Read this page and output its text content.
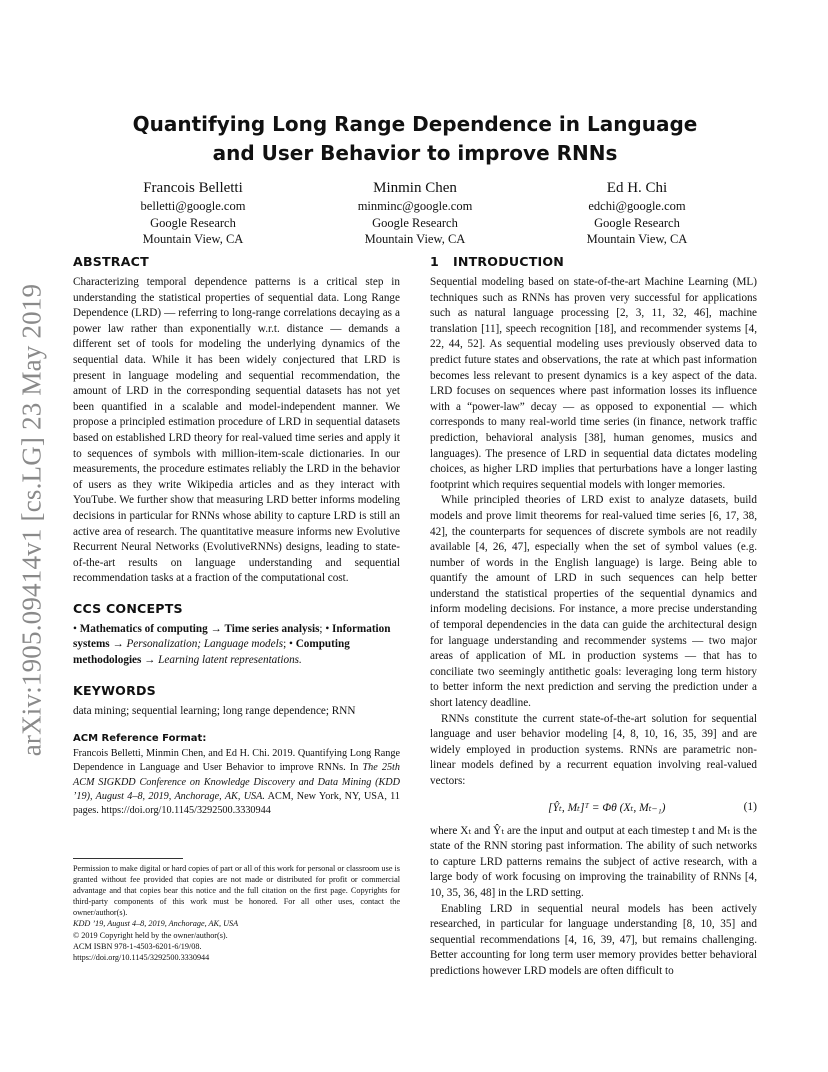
arXiv:1905.09414v1 [cs.LG] 23 May 2019
Quantifying Long Range Dependence in Language
and User Behavior to improve RNNs
Francois Belletti
belletti@google.com
Google Research
Mountain View, CA
Minmin Chen
minminc@google.com
Google Research
Mountain View, CA
Ed H. Chi
edchi@google.com
Google Research
Mountain View, CA
ABSTRACT

Characterizing temporal dependence patterns is a critical step in understanding the statistical properties of sequential data. Long Range Dependence (LRD) — referring to long-range correlations decaying as a power law rather than exponentially w.r.t. distance — demands a different set of tools for modeling the underlying dynamics of the sequential data. While it has been widely conjectured that LRD is present in language modeling and sequential recommendation, the amount of LRD in the corresponding sequential datasets has not yet been quantified in a scalable and model-independent manner. We propose a principled estimation procedure of LRD in sequential datasets based on established LRD theory for real-valued time series and apply it to sequences of symbols with million-item-scale dictionaries. In our measurements, the procedure estimates reliably the LRD in the behavior of users as they write Wikipedia articles and as they interact with YouTube. We further show that measuring LRD better informs modeling decisions in particular for RNNs whose ability to capture LRD is still an active area of research. The quantitative measure informs new Evolutive Recurrent Neural Networks (EvolutiveRNNs) designs, leading to state-of-the-art results on language understanding and sequential recommendation tasks at a fraction of the computational cost.

CCS CONCEPTS

• Mathematics of computing → Time series analysis; • Information systems → Personalization; Language models; • Computing methodologies → Learning latent representations.

KEYWORDS

data mining; sequential learning; long range dependence; RNN

ACM Reference Format:

Francois Belletti, Minmin Chen, and Ed H. Chi. 2019. Quantifying Long Range Dependence in Language and User Behavior to improve RNNs. In The 25th ACM SIGKDD Conference on Knowledge Discovery and Data Mining (KDD ’19), August 4–8, 2019, Anchorage, AK, USA. ACM, New York, NY, USA, 11 pages. https://doi.org/10.1145/3292500.3330944

Permission to make digital or hard copies of part or all of this work for personal or classroom use is granted without fee provided that copies are not made or distributed for profit or commercial advantage and that copies bear this notice and the full citation on the first page. Copyrights for third-party components of this work must be honored. For all other uses, contact the owner/author(s).

KDD ’19, August 4–8, 2019, Anchorage, AK, USA

© 2019 Copyright held by the owner/author(s).

ACM ISBN 978-1-4503-6201-6/19/08.

https://doi.org/10.1145/3292500.3330944

1 INTRODUCTION

Sequential modeling based on state-of-the-art Machine Learning (ML) techniques such as RNNs has proven very successful for applications such as natural language processing [2, 3, 11, 32, 46], machine translation [11], speech recognition [18], and recommender systems [4, 22, 44, 52]. As sequential modeling uses previously observed data to predict future states and observations, the rate at which past information becomes less relevant to present dynamics is a key aspect of the data. LRD focuses on sequences where past information losses its influence with a “power-law” decay — as opposed to exponential — which corresponds to many real-world time series (in finance, network traffic prediction, behavioral analysis [38], human genomes, musics and languages). The presence of LRD in sequential data dictates modeling choices, as higher LRD implies that perturbations have a longer lasting footprint which requires sequential models with longer memories.

While principled theories of LRD exist to analyze datasets, build models and prove limit theorems for real-valued time series [6, 17, 38, 42], the counterparts for sequences of discrete symbols are not readily available [4, 26, 47], especially when the set of symbol values (e.g. number of words in the English language) is large. Being able to quantify the amount of LRD in such sequences can help better understand the statistical properties of the sequential dynamics and inform modeling decisions. For instance, a more precise understanding of temporal dependencies in the data can guide the architectural design for language understanding and recommender systems — two major areas of application of ML in production systems — that has to conciliate two seemingly antithetic goals: leveraging long term history to better inform the next prediction and serving the prediction under a short latency deadline.

RNNs constitute the current state-of-the-art solution for sequential language and user behavior modeling [4, 8, 10, 16, 35, 39] and are widely employed in production systems. RNNs are parametric non-linear models defined by a recurrent equation involving real-valued vectors:

[Ŷₜ, Mₜ]ᵀ = Φθ (Xₜ, Mₜ₋₁)	(1)

where Xₜ and Ŷₜ are the input and output at each timestep t and Mₜ is the state of the RNN storing past information. The ability of such networks to capture LRD patterns remains the subject of active research, with a large body of work focusing on improving the trainability of RNNs [4, 10, 35, 36, 48] in the LRD setting.

Enabling LRD in sequential neural models has been actively researched, in particular for language understanding [8, 10, 35] and sequential recommendations [4, 16, 39, 47], but remains challenging. Better accounting for long term user memory provides better behavioral predictions however LRD models are often difficult to
